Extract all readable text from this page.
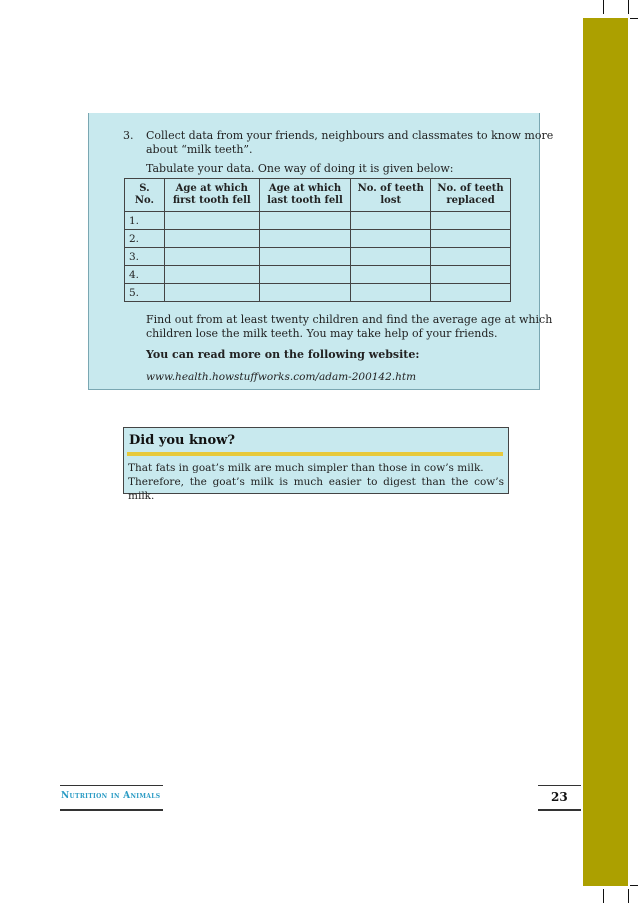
3. Collect data from your friends, neighbours and classmates to know more
about “milk teeth”.
Tabulate your data. One way of doing it is given below:
S. No.	Age at which first tooth fell	Age at which last tooth fell	No. of teeth lost	No. of teeth replaced
1.				
2.				
3.				
4.				
5.				
Find out from at least twenty children and find the average age at which
children lose the milk teeth. You may take help of your friends.
You can read more on the following website:
www.health.howstuffworks.com/adam-200142.htm
Did you know?
That fats in goat’s milk are much simpler than those in cow’s milk.
Therefore, the goat’s milk is much easier to digest than the cow’s milk.
Nutrition in Animals	23
